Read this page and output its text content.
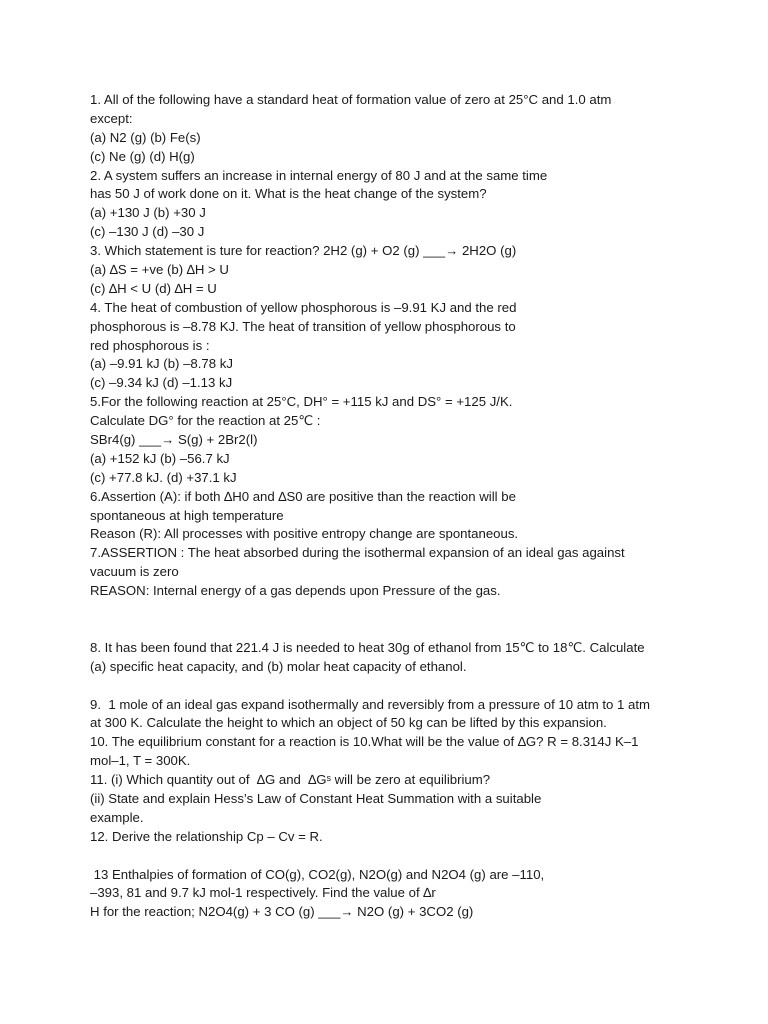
1. All of the following have a standard heat of formation value of zero at 25°C and 1.0 atm
except:
(a) N2 (g) (b) Fe(s)
(c) Ne (g) (d) H(g)
2. A system suffers an increase in internal energy of 80 J and at the same time
has 50 J of work done on it. What is the heat change of the system?
(a) +130 J (b) +30 J
(c) –130 J (d) –30 J
3. Which statement is ture for reaction? 2H2 (g) + O2 (g) ___→ 2H2O (g)
(a) ∆S = +ve (b) ∆H > U
(c) ∆H < U (d) ∆H = U
4. The heat of combustion of yellow phosphorous is –9.91 KJ and the red
phosphorous is –8.78 KJ. The heat of transition of yellow phosphorous to
red phosphorous is :
(a) –9.91 kJ (b) –8.78 kJ
(c) –9.34 kJ (d) –1.13 kJ
5.For the following reaction at 25°C, DH° = +115 kJ and DS° = +125 J/K.
Calculate DG° for the reaction at 25℃ :
SBr4(g) ___→ S(g) + 2Br2(l)
(a) +152 kJ (b) –56.7 kJ
(c) +77.8 kJ. (d) +37.1 kJ
6.Assertion (A): if both ∆H0 and ∆S0 are positive than the reaction will be
spontaneous at high temperature
Reason (R): All processes with positive entropy change are spontaneous.
7.ASSERTION : The heat absorbed during the isothermal expansion of an ideal gas against
vacuum is zero
REASON: Internal energy of a gas depends upon Pressure of the gas.
8. It has been found that 221.4 J is needed to heat 30g of ethanol from 15℃ to 18℃. Calculate
(a) specific heat capacity, and (b) molar heat capacity of ethanol.
9.  1 mole of an ideal gas expand isothermally and reversibly from a pressure of 10 atm to 1 atm
at 300 K. Calculate the height to which an object of 50 kg can be lifted by this expansion.
10. The equilibrium constant for a reaction is 10.What will be the value of ∆G? R = 8.314J K–1
mol–1, T = 300K.
11. (i) Which quantity out of  ∆G and  ∆Gˢ will be zero at equilibrium?
(ii) State and explain Hess’s Law of Constant Heat Summation with a suitable
example.
12. Derive the relationship Cp – Cv = R.
13 Enthalpies of formation of CO(g), CO2(g), N2O(g) and N2O4 (g) are –110,
–393, 81 and 9.7 kJ mol-1 respectively. Find the value of ∆r
H for the reaction; N2O4(g) + 3 CO (g) ___→ N2O (g) + 3CO2 (g)
